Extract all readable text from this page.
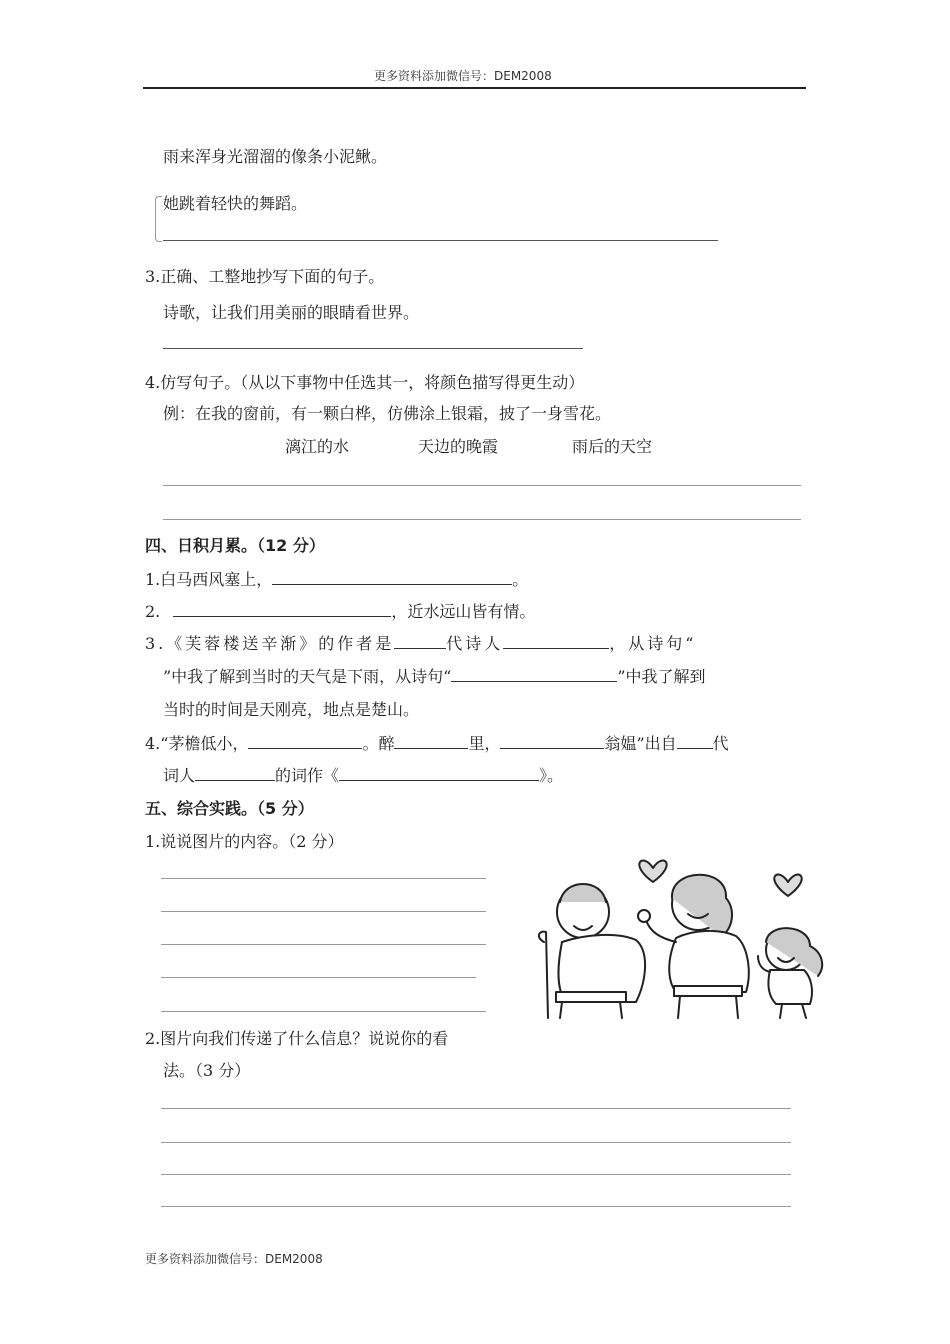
更多资料添加微信号：DEM2008
雨来浑身光溜溜的像条小泥鳅。
她跳着轻快的舞蹈。
3.正确、工整地抄写下面的句子。
诗歌，让我们用美丽的眼睛看世界。
4.仿写句子。（从以下事物中任选其一，将颜色描写得更生动）
例：在我的窗前，有一颗白桦，仿佛涂上银霜，披了一身雪花。
漓江的水	天边的晚霞	雨后的天空
四、日积月累。（12 分）
1.白马西风塞上，	。
2.	，近水远山皆有情。
3.《芙蓉楼送辛渐》的作者是	代诗人	，从诗句“
”中我了解到当时的天气是下雨，从诗句“	”中我了解到
当时的时间是天刚亮，地点是楚山。
4.“茅檐低小，	。醉	里，	翁媪”出自 代
词人	的词作《	》。
五、综合实践。（5 分）
1.说说图片的内容。（2 分）
2.图片向我们传递了什么信息？说说你的看
法。（3 分）
更多资料添加微信号：DEM2008
